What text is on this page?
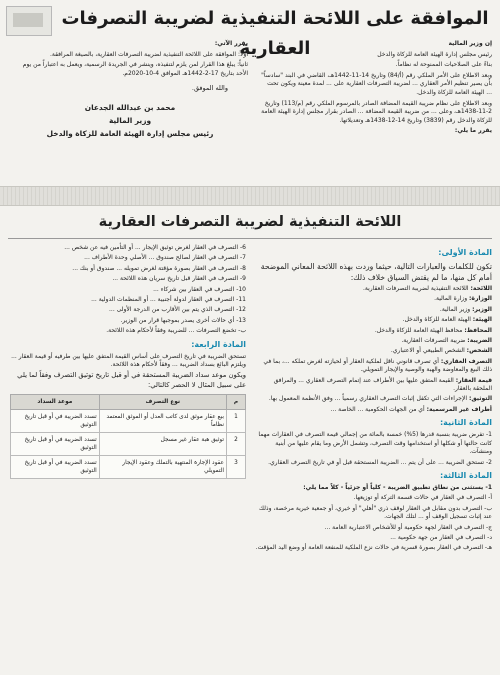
الموافقة على اللائحة التنفيذية لضريبة التصرفات العقارية	إن وزير المالية

رئيس مجلس إدارة الهيئة العامة للزكاة والدخل

بناءً على الصلاحيات الممنوحة له نظاماً.

وبعد الاطلاع على الأمر الملكي رقم (أ/84) وتاريخ 14-11-1442هـ، القاضي في البند "سادساً" بأن يصير تنظيم الأمر العقاري ... لضريبة التصرفات العقارية على ... لمدة معينة ويكون تحت ... الهيئة العامة للزكاة والدخل.

وبعد الاطلاع على نظام ضريبة القيمة المضافة الصادر بالمرسوم الملكي رقم (م/113) وتاريخ 2-11-1438هـ، وعلى ... من ضريبة القيمة المضافة ... الصادر بقرار مجلس إدارة الهيئة العامة للزكاة والدخل رقم (3839) وتاريخ 14-12-1438هـ وتعديلاتها.

يقرر ما يلي:

يقرر الآتي:

أولاً: الموافقة على اللائحة التنفيذية لضريبة التصرفات العقارية، بالصيغة المرافقة.

ثانياً: يبلغ هذا القرار لمن يلزم لتنفيذه، وينشر في الجريدة الرسمية، ويعمل به اعتباراً من يوم الأحد بتاريخ 17-2-1442هـ الموافق 4-10-2020م.

والله الموفق.
محمد بن عبدالله الجدعان
وزير المالية
رئيس مجلس إدارة الهيئة العامة للزكاة والدخل
اللائحة التنفيذية لضريبة التصرفات العقارية
المادة الأولى:

تكون للكلمات والعبارات التالية، حيثما وردت بهذه اللائحة المعاني الموضحة أمام كل منها، ما لم يقتض السياق خلاف ذلك:

اللائحة: اللائحة التنفيذية لضريبة التصرفات العقارية.

الوزارة: وزارة المالية.

الوزير: وزير المالية.

الهيئة: الهيئة العامة للزكاة والدخل.

المحافظ: محافظ الهيئة العامة للزكاة والدخل.

الضريبة: ضريبة التصرفات العقارية.

الشخص: الشخص الطبيعي أو الاعتباري.

التصرف العقاري: أي تصرف قانوني ناقل لملكية العقار أو لحيازته لغرض تملكه ...، بما في ذلك البيع والمعاوضة والهبة والوصية والإيجار التمويلي.

قيمة العقار: القيمة المتفق عليها بين الأطراف عند إتمام التصرف العقاري ... والمرافق الملحقة بالعقار.

التوثيق: الإجراءات التي تكفل إثبات التصرف العقاري رسمياً ... وفق الأنظمة المعمول بها.

أطراف غير المرسمية: أي من الجهات الحكومية ... الخاصة ...

المادة الثانية:

1- تفرض ضريبة بنسبة قدرها (5%) خمسة بالمائة من إجمالي قيمة التصرف في العقارات مهما كانت حالتها أو شكلها أو استخدامها وقت التصرف، وتشمل الأرض وما يقام عليها من أبنية ومنشآت.

2- تستحق الضريبة ... على أن يتم ... الضريبة المستحقة قبل أو في تاريخ التصرف العقاري.

المادة الثالثة:

1- يستثنى من نطاق تطبيق الضريبة - كلياً أو جزئياً - كلاً مما يلي:

أ- التصرف في العقار في حالات قسمة التركة أو توزيعها.

ب- التصرف بدون مقابل في العقار لوقف ذري "أهلي" أو خيري، أو جمعية خيرية مرخصة، وذلك عند إثبات تسجيل الوقف أو ... لتلك الجهات.

ج- التصرف في العقار لجهة حكومية أو للأشخاص الاعتبارية العامة ...

د- التصرف في العقار من جهة حكومية ...

هـ- التصرف في العقار بصورة قسرية في حالات نزع الملكية للمنفعة العامة أو وضع اليد المؤقت.

6- التصرف في العقار لغرض توثيق الإيجار ... أو التأمين فيه عن شخص ...

7- التصرف في العقار لصالح صندوق ... الأصلي وحدة الأطراف ...

8- التصرف في العقار بصورة مؤقتة لغرض تمويله ... صندوق أو بنك ...

9- التصرف في العقار قبل تاريخ سريان هذه اللائحة ...

10- التصرف في العقار بين شركاء ...

11- التصرف في العقار لدولة أجنبية ... أو المنظمات الدولية ...

12- التصرف الذي يتم بين الأقارب من الدرجة الأولى ...

13- أي حالات أخرى يصدر بموجبها قرار من الوزير.

ب- تخضع التصرفات ... للضريبة وفقاً لأحكام هذه اللائحة.

المادة الرابعة:

تستحق الضريبة في تاريخ التصرف على أساس القيمة المتفق عليها بين طرفيه أو قيمة العقار ... ويلتزم البائع بسداد الضريبة ... وفقاً لأحكام هذه اللائحة.

ويكون موعد سداد الضريبة المستحقة في أو قبل تاريخ توثيق التصرف وفقاً لما يلي على سبيل المثال لا الحصر كالتالي:

م	نوع التصرف	موعد السداد
1	بيع عقار موثق لدى كاتب العدل أو الموثق المعتمد نظاماً	تسدد الضريبة في أو قبل تاريخ التوثيق
2	توثيق هبة عقار غير مسجل	تسدد الضريبة في أو قبل تاريخ التوثيق
3	عقود الإجارة المنتهية بالتملك وعقود الإيجار التمويلي	تسدد الضريبة في أو قبل تاريخ التوثيق
